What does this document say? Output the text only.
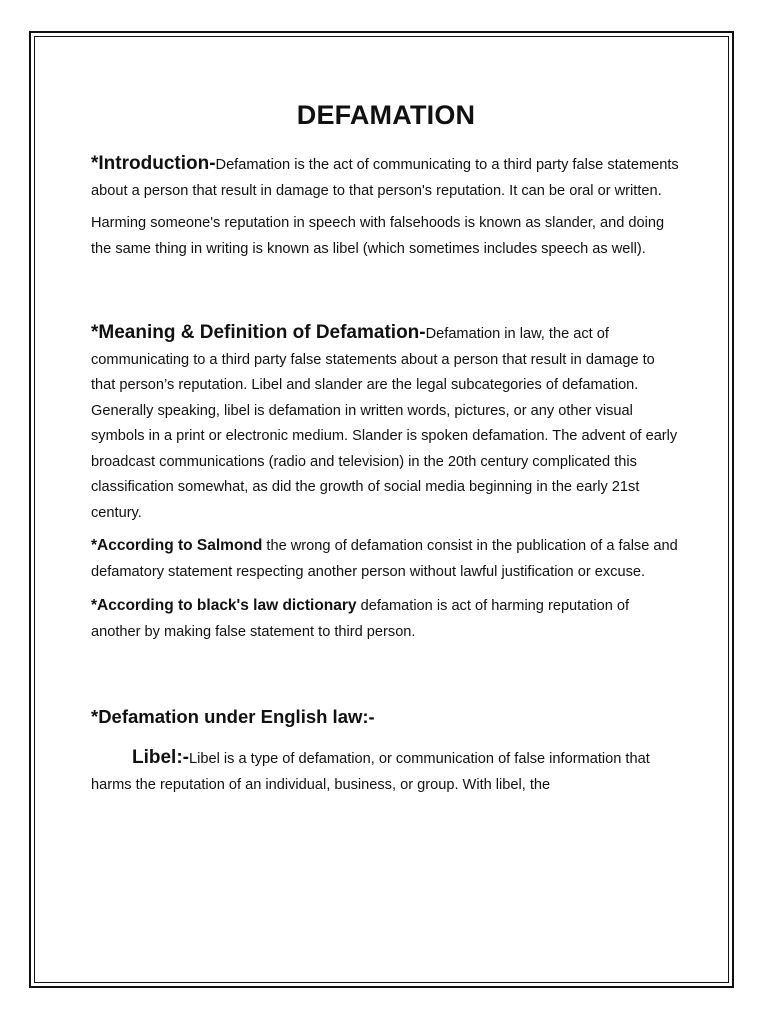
DEFAMATION

*Introduction-Defamation is the act of communicating to a third party false statements about a person that result in damage to that person's reputation. It can be oral or written.

Harming someone's reputation in speech with falsehoods is known as slander, and doing the same thing in writing is known as libel (which sometimes includes speech as well).

*Meaning & Definition of Defamation-Defamation in law, the act of communicating to a third party false statements about a person that result in damage to that person’s reputation. Libel and slander are the legal subcategories of defamation. Generally speaking, libel is defamation in written words, pictures, or any other visual symbols in a print or electronic medium. Slander is spoken defamation. The advent of early broadcast communications (radio and television) in the 20th century complicated this classification somewhat, as did the growth of social media beginning in the early 21st century.

*According to Salmond the wrong of defamation consist in the publication of a false and defamatory statement respecting another person without lawful justification or excuse.

*According to black's law dictionary defamation is act of harming reputation of another by making false statement to third person.

*Defamation under English law:-

Libel:-Libel is a type of defamation, or communication of false information that harms the reputation of an individual, business, or group. With libel, the
